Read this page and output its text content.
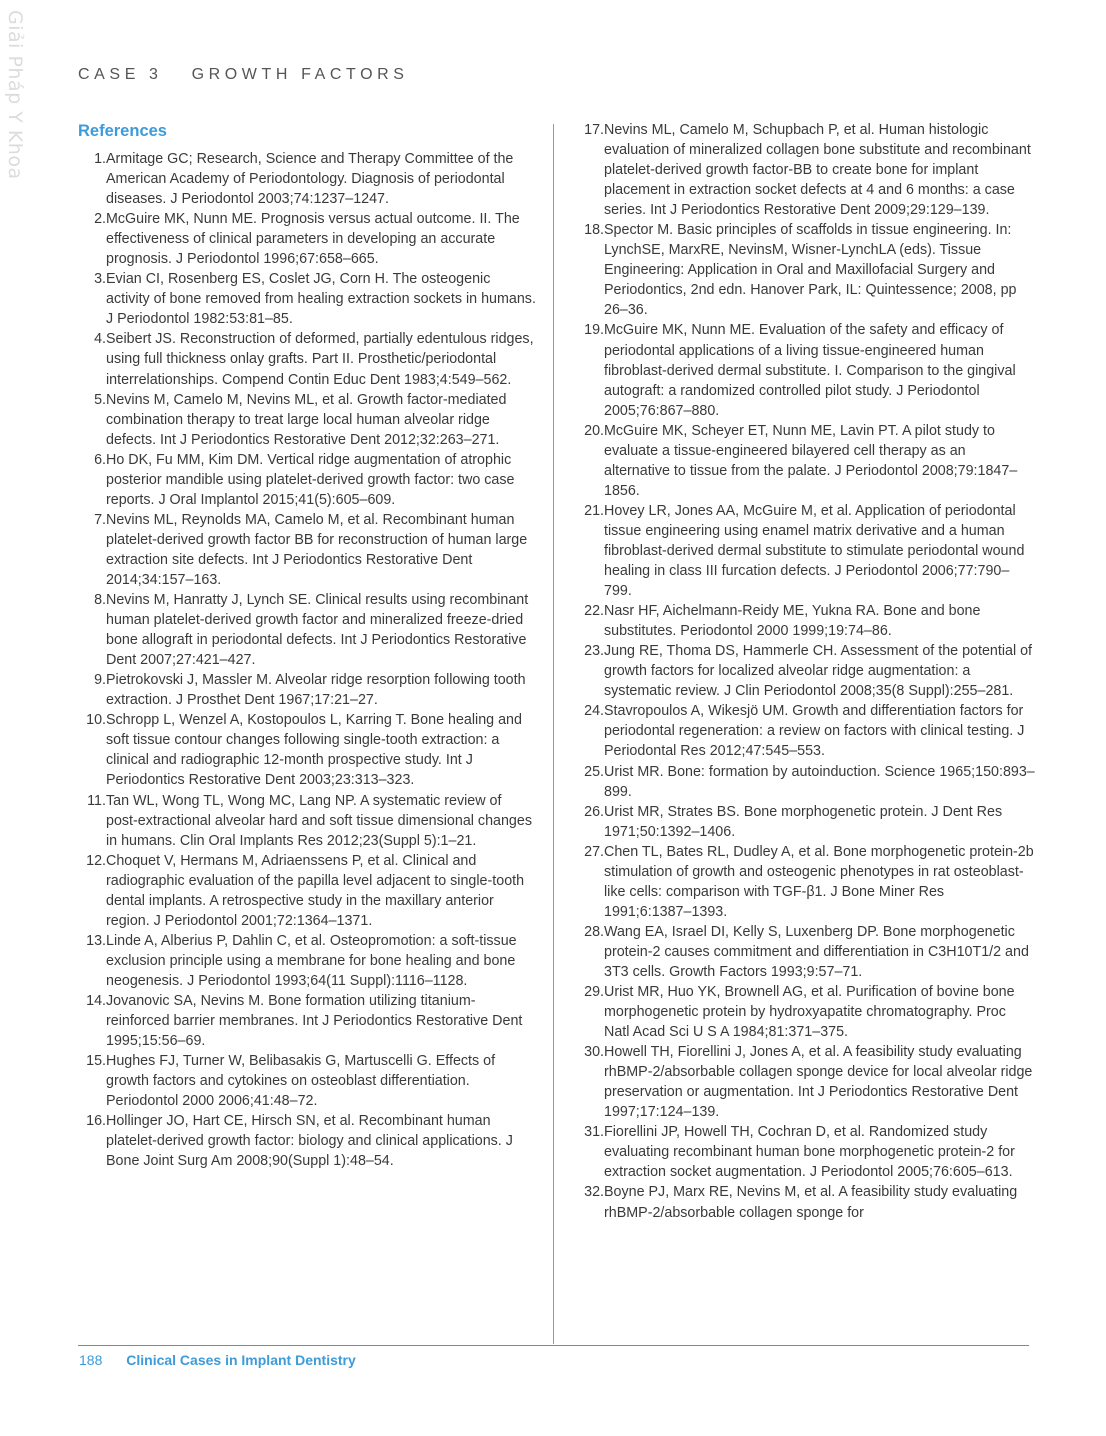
Giải Pháp Y Khoa	CASE 3 GROWTH FACTORS
References
1. Armitage GC; Research, Science and Therapy Committee of the American Academy of Periodontology. Diagnosis of periodontal diseases. J Periodontol 2003;74:1237–1247.
2. McGuire MK, Nunn ME. Prognosis versus actual outcome. II. The effectiveness of clinical parameters in developing an accurate prognosis. J Periodontol 1996;67:658–665.
3. Evian CI, Rosenberg ES, Coslet JG, Corn H. The osteogenic activity of bone removed from healing extraction sockets in humans. J Periodontol 1982:53:81–85.
4. Seibert JS. Reconstruction of deformed, partially edentulous ridges, using full thickness onlay grafts. Part II. Prosthetic/periodontal interrelationships. Compend Contin Educ Dent 1983;4:549–562.
5. Nevins M, Camelo M, Nevins ML, et al. Growth factor-mediated combination therapy to treat large local human alveolar ridge defects. Int J Periodontics Restorative Dent 2012;32:263–271.
6. Ho DK, Fu MM, Kim DM. Vertical ridge augmentation of atrophic posterior mandible using platelet-derived growth factor: two case reports. J Oral Implantol 2015;41(5):605–609.
7. Nevins ML, Reynolds MA, Camelo M, et al. Recombinant human platelet-derived growth factor BB for reconstruction of human large extraction site defects. Int J Periodontics Restorative Dent 2014;34:157–163.
8. Nevins M, Hanratty J, Lynch SE. Clinical results using recombinant human platelet-derived growth factor and mineralized freeze-dried bone allograft in periodontal defects. Int J Periodontics Restorative Dent 2007;27:421–427.
9. Pietrokovski J, Massler M. Alveolar ridge resorption following tooth extraction. J Prosthet Dent 1967;17:21–27.
10. Schropp L, Wenzel A, Kostopoulos L, Karring T. Bone healing and soft tissue contour changes following single-tooth extraction: a clinical and radiographic 12-month prospective study. Int J Periodontics Restorative Dent 2003;23:313–323.
11. Tan WL, Wong TL, Wong MC, Lang NP. A systematic review of post-extractional alveolar hard and soft tissue dimensional changes in humans. Clin Oral Implants Res 2012;23(Suppl 5):1–21.
12. Choquet V, Hermans M, Adriaenssens P, et al. Clinical and radiographic evaluation of the papilla level adjacent to single-tooth dental implants. A retrospective study in the maxillary anterior region. J Periodontol 2001;72:1364–1371.
13. Linde A, Alberius P, Dahlin C, et al. Osteopromotion: a soft-tissue exclusion principle using a membrane for bone healing and bone neogenesis. J Periodontol 1993;64(11 Suppl):1116–1128.
14. Jovanovic SA, Nevins M. Bone formation utilizing titanium-reinforced barrier membranes. Int J Periodontics Restorative Dent 1995;15:56–69.
15. Hughes FJ, Turner W, Belibasakis G, Martuscelli G. Effects of growth factors and cytokines on osteoblast differentiation. Periodontol 2000 2006;41:48–72.
16. Hollinger JO, Hart CE, Hirsch SN, et al. Recombinant human platelet-derived growth factor: biology and clinical applications. J Bone Joint Surg Am 2008;90(Suppl 1):48–54.
17. Nevins ML, Camelo M, Schupbach P, et al. Human histologic evaluation of mineralized collagen bone substitute and recombinant platelet-derived growth factor-BB to create bone for implant placement in extraction socket defects at 4 and 6 months: a case series. Int J Periodontics Restorative Dent 2009;29:129–139.
18. Spector M. Basic principles of scaffolds in tissue engineering. In: LynchSE, MarxRE, NevinsM, Wisner-LynchLA (eds). Tissue Engineering: Application in Oral and Maxillofacial Surgery and Periodontics, 2nd edn. Hanover Park, IL: Quintessence; 2008, pp 26–36.
19. McGuire MK, Nunn ME. Evaluation of the safety and efficacy of periodontal applications of a living tissue-engineered human fibroblast-derived dermal substitute. I. Comparison to the gingival autograft: a randomized controlled pilot study. J Periodontol 2005;76:867–880.
20. McGuire MK, Scheyer ET, Nunn ME, Lavin PT. A pilot study to evaluate a tissue-engineered bilayered cell therapy as an alternative to tissue from the palate. J Periodontol 2008;79:1847–1856.
21. Hovey LR, Jones AA, McGuire M, et al. Application of periodontal tissue engineering using enamel matrix derivative and a human fibroblast-derived dermal substitute to stimulate periodontal wound healing in class III furcation defects. J Periodontol 2006;77:790–799.
22. Nasr HF, Aichelmann-Reidy ME, Yukna RA. Bone and bone substitutes. Periodontol 2000 1999;19:74–86.
23. Jung RE, Thoma DS, Hammerle CH. Assessment of the potential of growth factors for localized alveolar ridge augmentation: a systematic review. J Clin Periodontol 2008;35(8 Suppl):255–281.
24. Stavropoulos A, Wikesjö UM. Growth and differentiation factors for periodontal regeneration: a review on factors with clinical testing. J Periodontal Res 2012;47:545–553.
25. Urist MR. Bone: formation by autoinduction. Science 1965;150:893–899.
26. Urist MR, Strates BS. Bone morphogenetic protein. J Dent Res 1971;50:1392–1406.
27. Chen TL, Bates RL, Dudley A, et al. Bone morphogenetic protein-2b stimulation of growth and osteogenic phenotypes in rat osteoblast-like cells: comparison with TGF-β1. J Bone Miner Res 1991;6:1387–1393.
28. Wang EA, Israel DI, Kelly S, Luxenberg DP. Bone morphogenetic protein-2 causes commitment and differentiation in C3H10T1/2 and 3T3 cells. Growth Factors 1993;9:57–71.
29. Urist MR, Huo YK, Brownell AG, et al. Purification of bovine bone morphogenetic protein by hydroxyapatite chromatography. Proc Natl Acad Sci U S A 1984;81:371–375.
30. Howell TH, Fiorellini J, Jones A, et al. A feasibility study evaluating rhBMP-2/absorbable collagen sponge device for local alveolar ridge preservation or augmentation. Int J Periodontics Restorative Dent 1997;17:124–139.
31. Fiorellini JP, Howell TH, Cochran D, et al. Randomized study evaluating recombinant human bone morphogenetic protein-2 for extraction socket augmentation. J Periodontol 2005;76:605–613.
32. Boyne PJ, Marx RE, Nevins M, et al. A feasibility study evaluating rhBMP-2/absorbable collagen sponge for
188 Clinical Cases in Implant Dentistry
